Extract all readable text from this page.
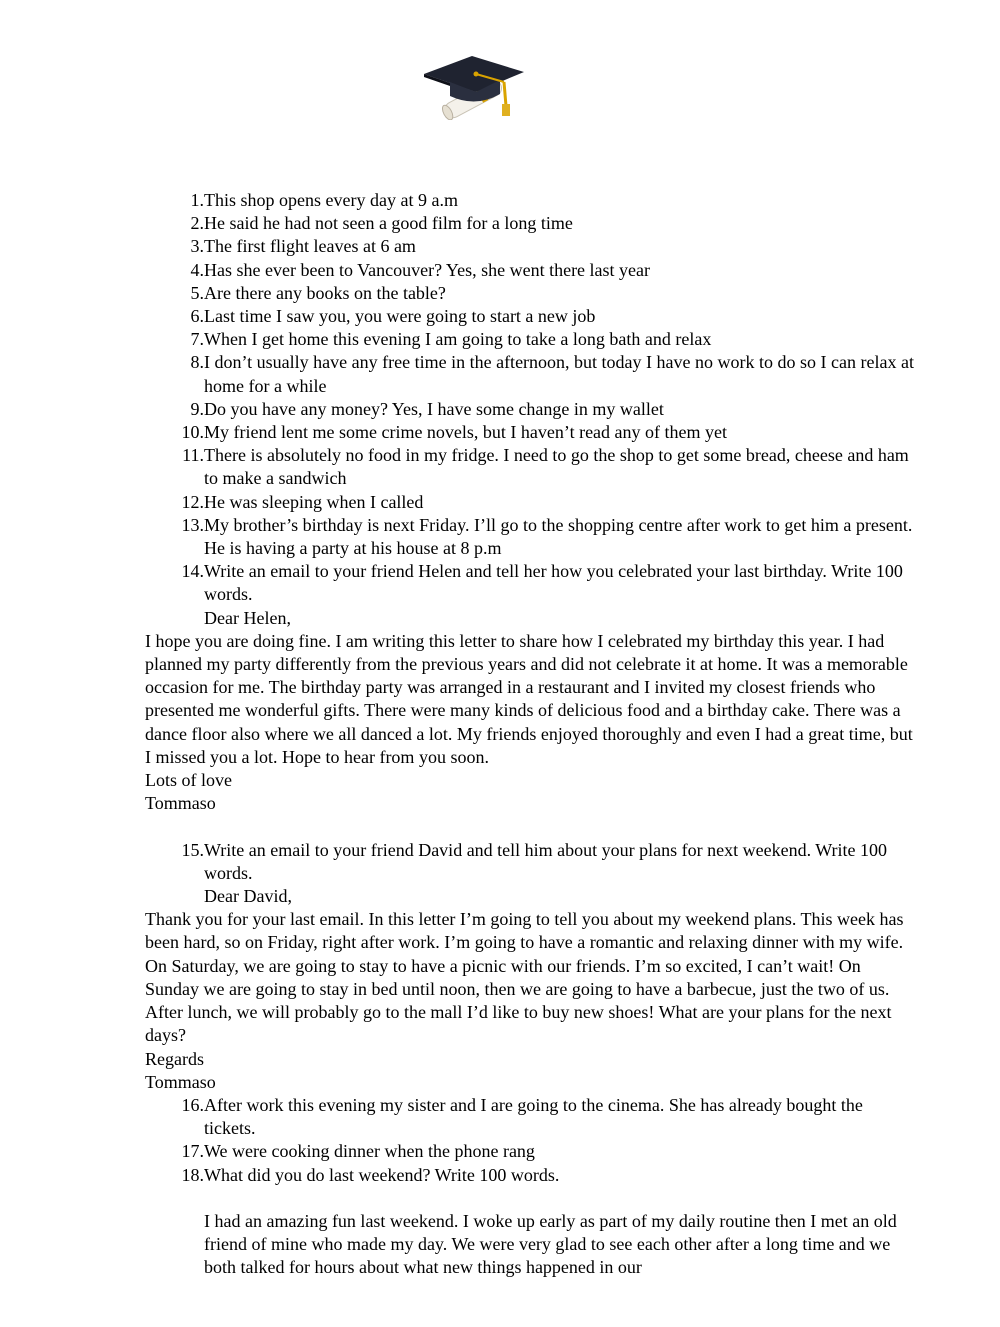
1. This shop opens every day at 9 a.m
2. He said he had not seen a good film for a long time
3. The first flight leaves at 6 am
4. Has she ever been to Vancouver? Yes, she went there last year
5. Are there any books on the table?
6. Last time I saw you, you were going to start a new job
7. When I get home this evening I am going to take a long bath and relax
8. I don’t usually have any free time in the afternoon, but today I have no work to do so I can relax at home for a while
9. Do you have any money? Yes, I have some change in my wallet
10. My friend lent me some crime novels, but I haven’t read any of them yet
11. There is absolutely no food in my fridge. I need to go the shop to get some bread, cheese and ham to make a sandwich
12. He was sleeping when I called
13. My brother’s birthday is next Friday. I’ll go to the shopping centre after work to get him a present. He is having a party at his house at 8 p.m
14. Write an email to your friend Helen and tell her how you celebrated your last birthday. Write 100 words.

Dear Helen,

I hope you are doing fine. I am writing this letter to share how I celebrated my birthday this year. I had planned my party differently from the previous years and did not celebrate it at home. It was a memorable occasion for me. The birthday party was arranged in a restaurant and I invited my closest friends who presented me wonderful gifts. There were many kinds of delicious food and a birthday cake. There was a dance floor also where we all danced a lot. My friends enjoyed thoroughly and even I had a great time, but I missed you a lot. Hope to hear from you soon.

Lots of love

Tommaso

15. Write an email to your friend David and tell him about your plans for next weekend. Write 100 words.

Dear David,

Thank you for your last email. In this letter I’m going to tell you about my weekend plans. This week has been hard, so on Friday, right after work. I’m going to have a romantic and relaxing dinner with my wife. On Saturday, we are going to stay to have a picnic with our friends. I’m so excited, I can’t wait! On Sunday we are going to stay in bed until noon, then we are going to have a barbecue, just the two of us. After lunch, we will probably go to the mall I’d like to buy new shoes! What are your plans for the next days?

Regards

Tommaso

16. After work this evening my sister and I are going to the cinema. She has already bought the tickets.
17. We were cooking dinner when the phone rang
18. What did you do last weekend? Write 100 words.

I had an amazing fun last weekend. I woke up early as part of my daily routine then I met an old friend of mine who made my day. We were very glad to see each other after a long time and we both talked for hours about what new things happened in our
